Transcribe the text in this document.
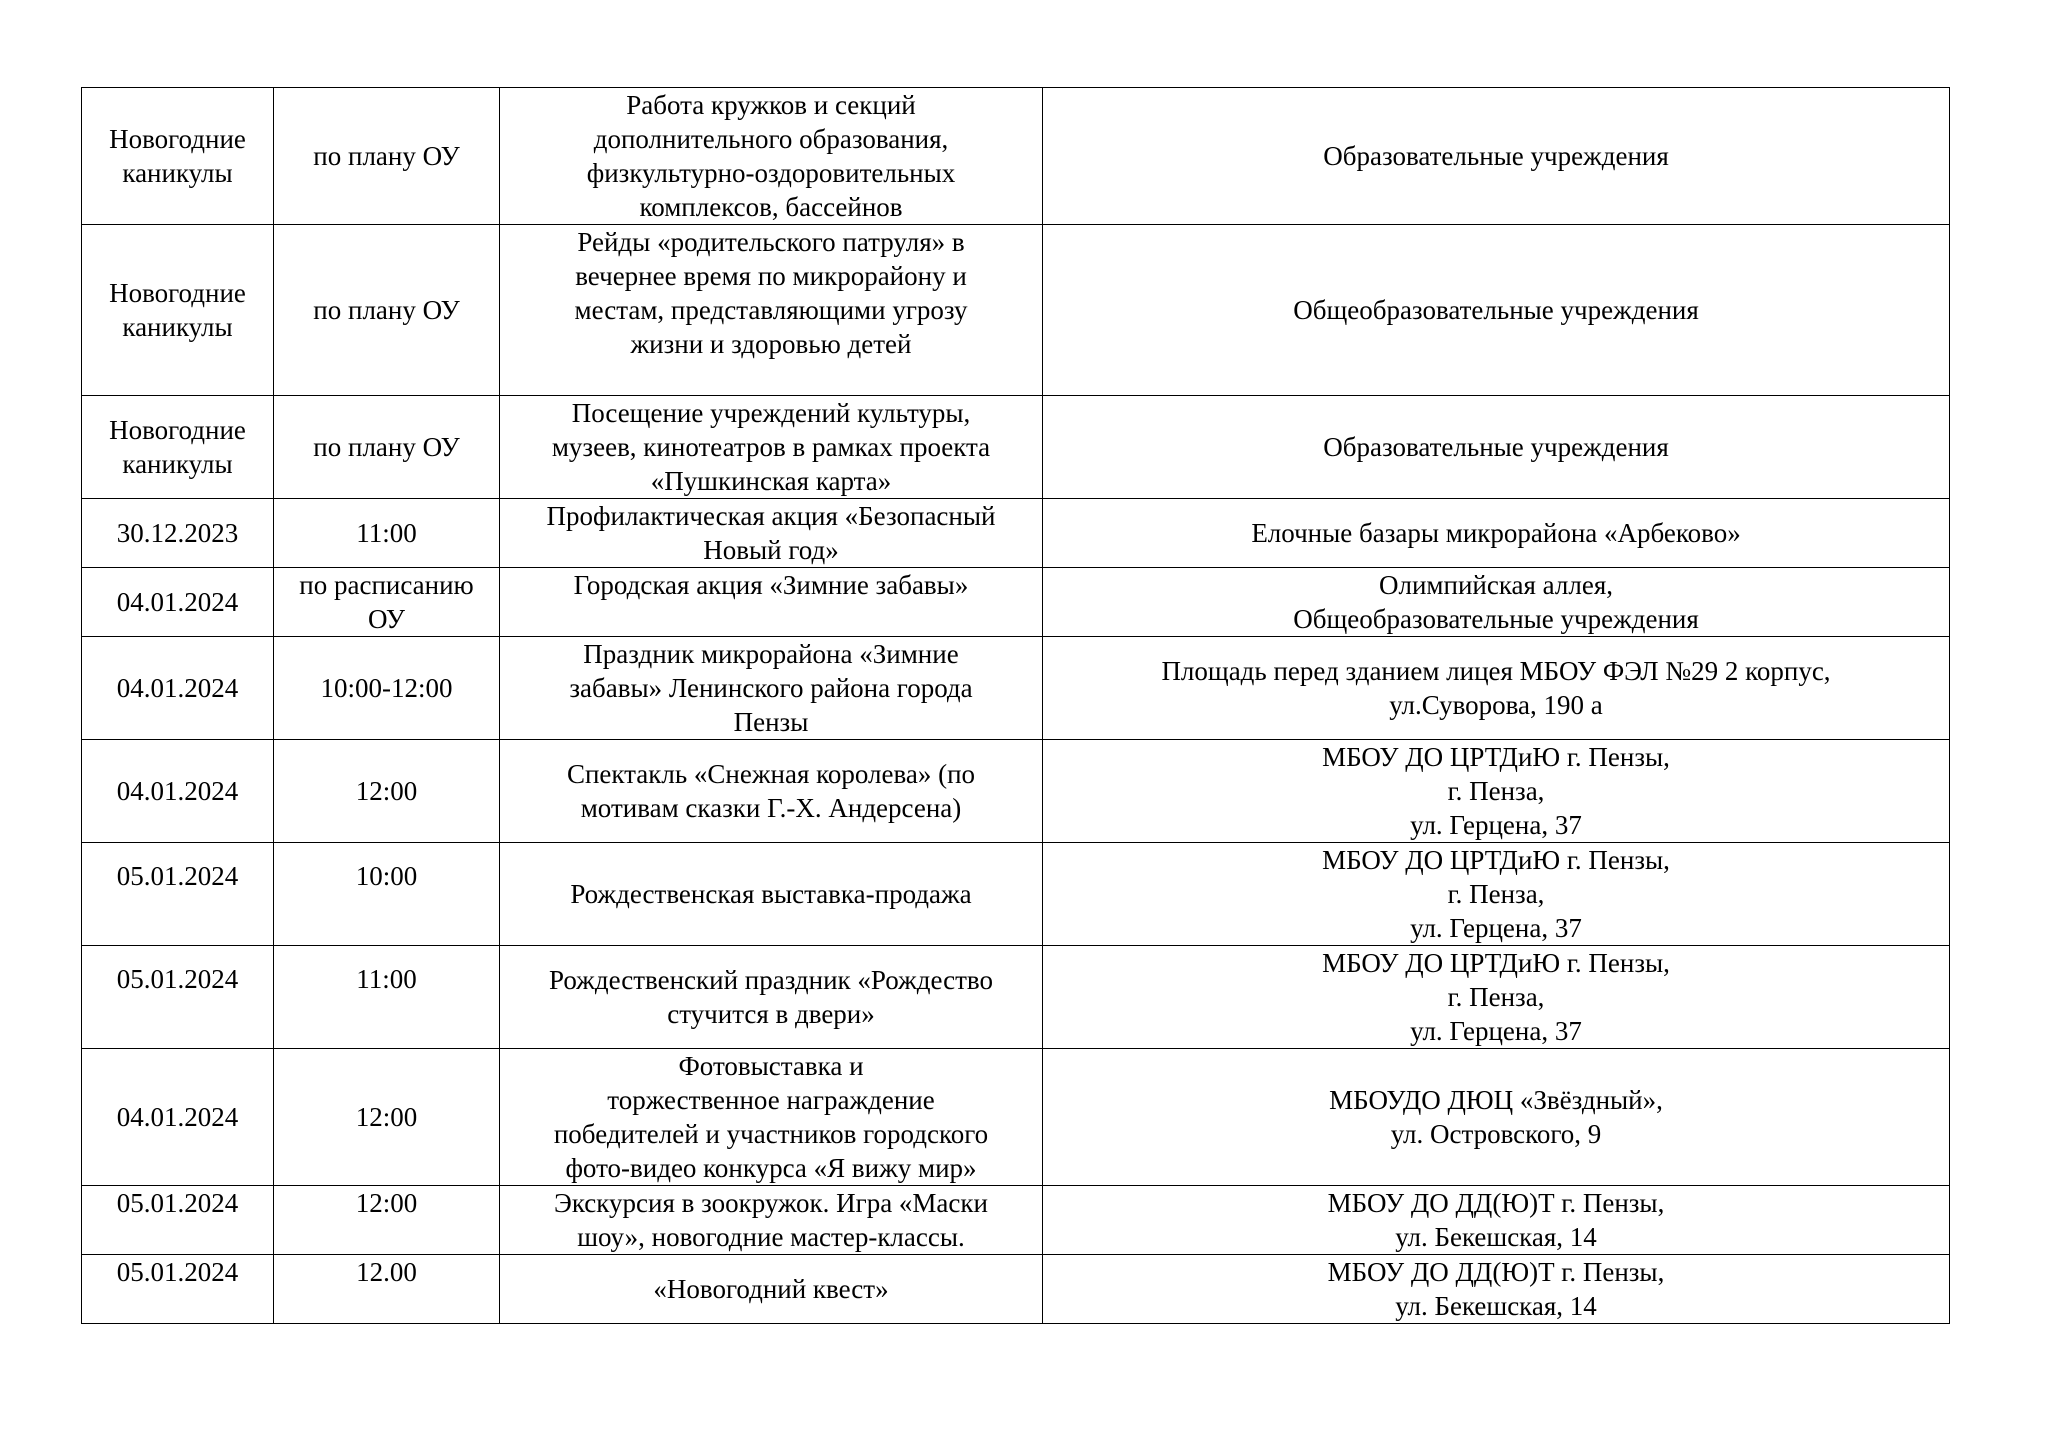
Новогодние
каникулы	по плану ОУ	Работа кружков и секций
дополнительного образования,
физкультурно-оздоровительных
комплексов, бассейнов	Образовательные учреждения

Новогодние
каникулы	по плану ОУ	Рейды «родительского патруля» в
вечернее время по микрорайону и
местам, представляющими угрозу
жизни и здоровью детей	Общеобразовательные учреждения

Новогодние
каникулы	по плану ОУ	Посещение учреждений культуры,
музеев, кинотеатров в рамках проекта
«Пушкинская карта»	Образовательные учреждения

30.12.2023	11:00	Профилактическая акция «Безопасный
Новый год»	Елочные базары микрорайона «Арбеково»

04.01.2024	по расписанию
ОУ	Городская акция «Зимние забавы»	Олимпийская аллея,
Общеобразовательные учреждения

04.01.2024	10:00-12:00	Праздник микрорайона «Зимние
забавы» Ленинского района города
Пензы	Площадь перед зданием лицея МБОУ ФЭЛ №29 2 корпус,
ул.Суворова, 190 а

04.01.2024	12:00	Спектакль «Снежная королева» (по
мотивам сказки Г.-Х. Андерсена)	МБОУ ДО ЦРТДиЮ г. Пензы,
г. Пенза,
ул. Герцена, 37

05.01.2024	10:00	Рождественская выставка-продажа	МБОУ ДО ЦРТДиЮ г. Пензы,
г. Пенза,
ул. Герцена, 37

05.01.2024	11:00	Рождественский праздник «Рождество
стучится в двери»	МБОУ ДО ЦРТДиЮ г. Пензы,
г. Пенза,
ул. Герцена, 37

04.01.2024	12:00	Фотовыставка и
торжественное награждение
победителей и участников городского
фото-видео конкурса «Я вижу мир»	МБОУДО ДЮЦ «Звёздный»,
ул. Островского, 9

05.01.2024	12:00	Экскурсия в зоокружок. Игра «Маски
шоу», новогодние мастер-классы.	МБОУ ДО ДД(Ю)Т г. Пензы,
ул. Бекешская, 14

05.01.2024	12.00	«Новогодний квест»	МБОУ ДО ДД(Ю)Т г. Пензы,
ул. Бекешская, 14
